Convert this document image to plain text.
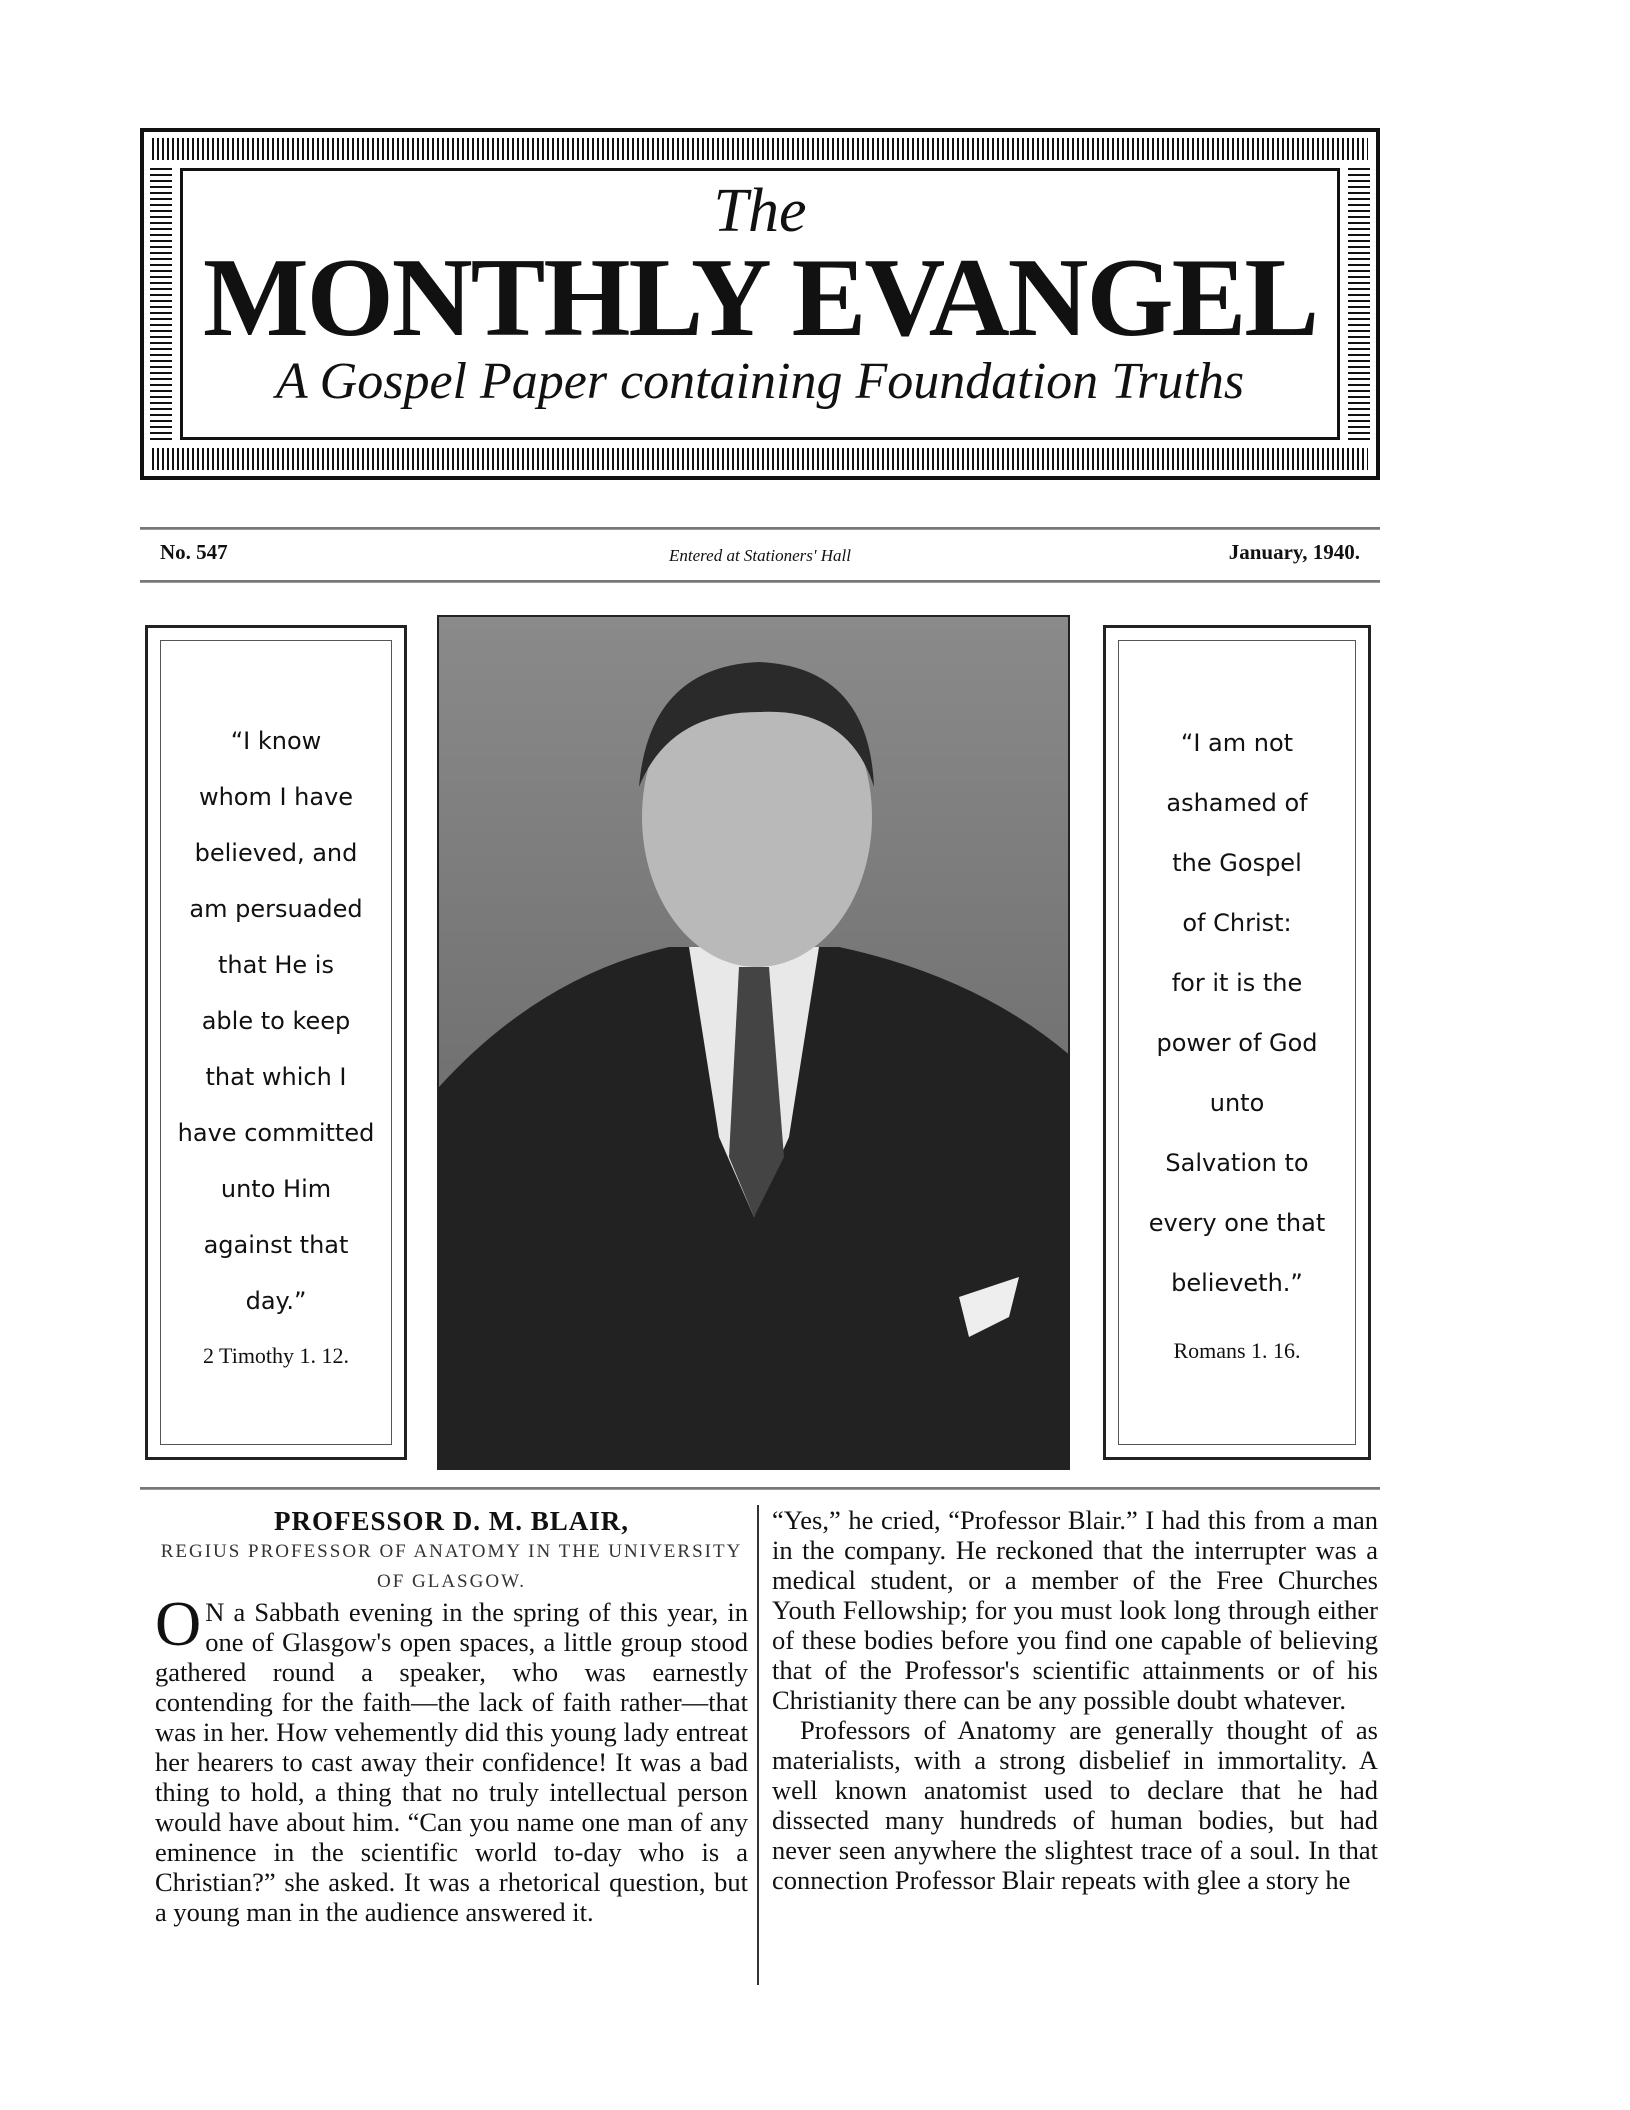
The
MONTHLY EVANGEL
A Gospel Paper containing Foundation Truths
No. 547	Entered at Stationers' Hall	January, 1940.
“I know
whom I have
believed, and
am persuaded
that He is
able to keep
that which I
have committed
unto Him
against that
day.”
2 Timothy 1. 12.
“I am not
ashamed of
the Gospel
of Christ:
for it is the
power of God
unto
Salvation to
every one that
believeth.”
Romans 1. 16.
PROFESSOR D. M. BLAIR,
REGIUS PROFESSOR OF ANATOMY IN THE UNIVERSITY OF GLASGOW.

O N a Sabbath evening in the spring of this year, in one of Glasgow's open spaces, a little group stood gathered round a speaker, who was earnestly contending for the faith—the lack of faith rather—that was in her. How vehemently did this young lady entreat her hearers to cast away their confidence! It was a bad thing to hold, a thing that no truly intellectual person would have about him. “Can you name one man of any eminence in the scientific world to-day who is a Christian?” she asked. It was a rhetorical question, but a young man in the audience answered it.

“Yes,” he cried, “Professor Blair.” I had this from a man in the company. He reckoned that the interrupter was a medical student, or a member of the Free Churches Youth Fellowship; for you must look long through either of these bodies before you find one capable of believing that of the Professor's scientific attainments or of his Christianity there can be any possible doubt whatever.

Professors of Anatomy are generally thought of as materialists, with a strong disbelief in immortality. A well known anatomist used to declare that he had dissected many hundreds of human bodies, but had never seen anywhere the slightest trace of a soul. In that connection Professor Blair repeats with glee a story he
